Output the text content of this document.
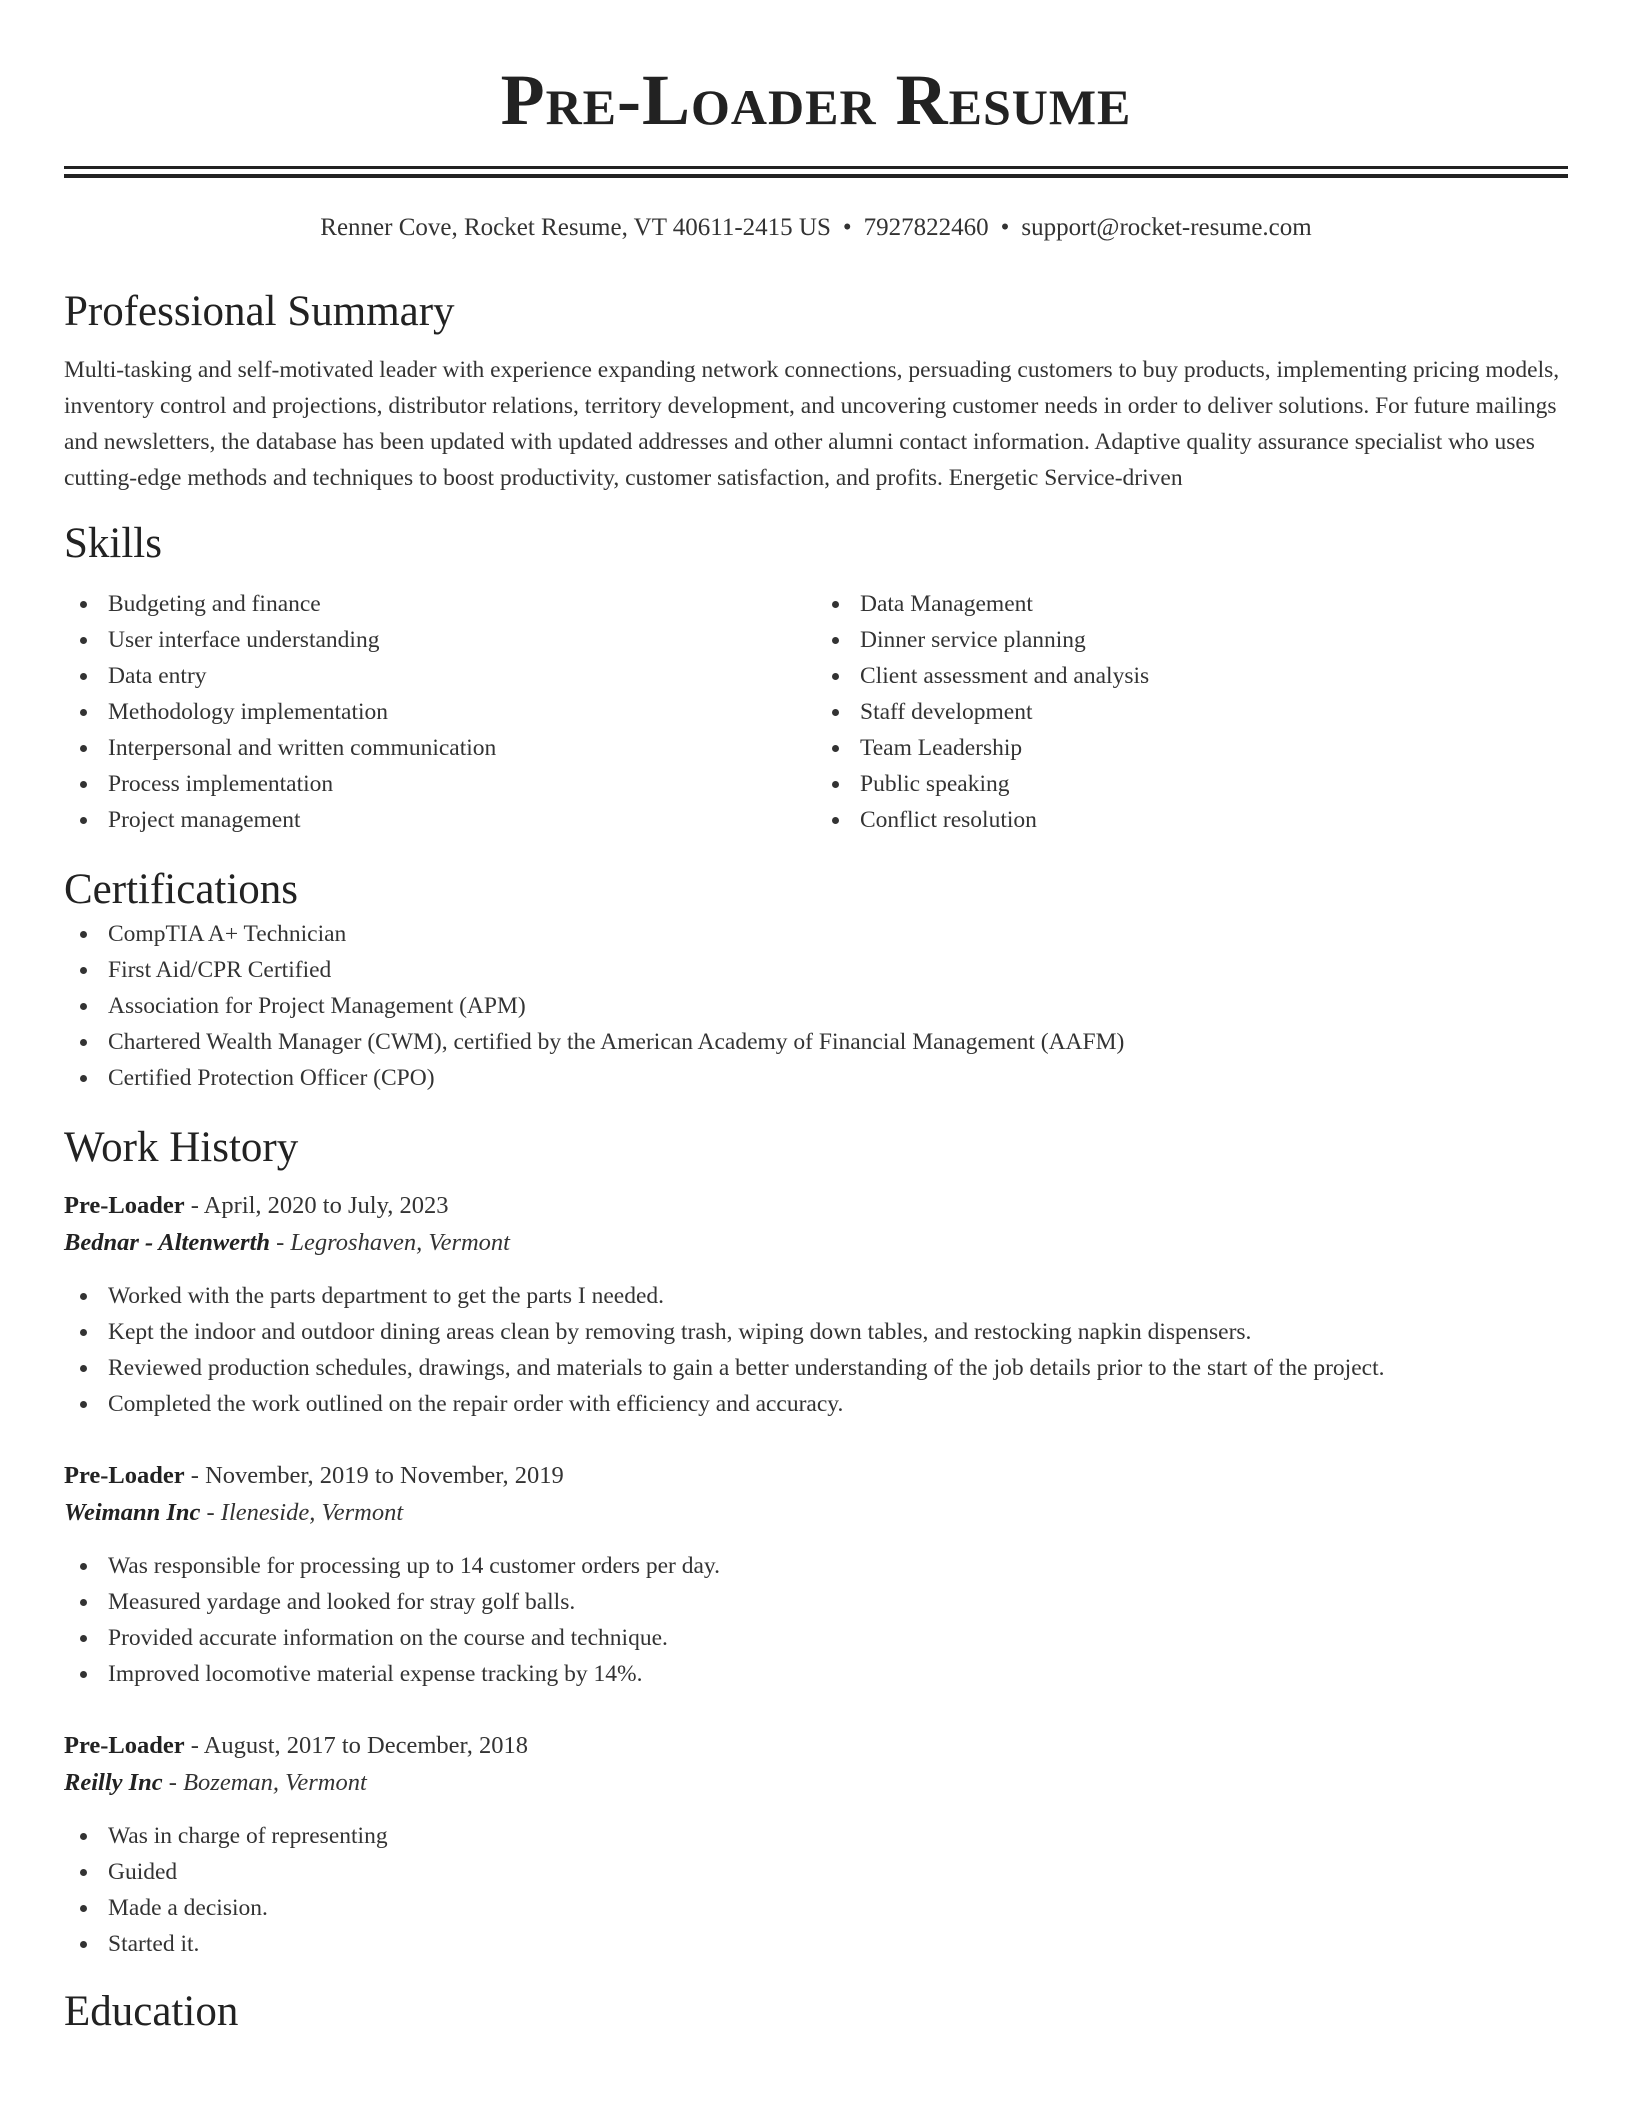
Pre-Loader Resume
Renner Cove, Rocket Resume, VT 40611-2415 US • 7927822460 • support@rocket-resume.com
Professional Summary

Multi-tasking and self-motivated leader with experience expanding network connections, persuading customers to buy products, implementing pricing models, inventory control and projections, distributor relations, territory development, and uncovering customer needs in order to deliver solutions. For future mailings and newsletters, the database has been updated with updated addresses and other alumni contact information. Adaptive quality assurance specialist who uses cutting-edge methods and techniques to boost productivity, customer satisfaction, and profits. Energetic Service-driven

Skills
Budgeting and finance
User interface understanding
Data entry
Methodology implementation
Interpersonal and written communication
Process implementation
Project management
Data Management
Dinner service planning
Client assessment and analysis
Staff development
Team Leadership
Public speaking
Conflict resolution
Certifications
CompTIA A+ Technician
First Aid/CPR Certified
Association for Project Management (APM)
Chartered Wealth Manager (CWM), certified by the American Academy of Financial Management (AAFM)
Certified Protection Officer (CPO)
Work History
Pre-Loader - April, 2020 to July, 2023
Bednar - Altenwerth - Legroshaven, Vermont
Worked with the parts department to get the parts I needed.
Kept the indoor and outdoor dining areas clean by removing trash, wiping down tables, and restocking napkin dispensers.
Reviewed production schedules, drawings, and materials to gain a better understanding of the job details prior to the start of the project.
Completed the work outlined on the repair order with efficiency and accuracy.
Pre-Loader - November, 2019 to November, 2019
Weimann Inc - Ileneside, Vermont
Was responsible for processing up to 14 customer orders per day.
Measured yardage and looked for stray golf balls.
Provided accurate information on the course and technique.
Improved locomotive material expense tracking by 14%.
Pre-Loader - August, 2017 to December, 2018
Reilly Inc - Bozeman, Vermont
Was in charge of representing
Guided
Made a decision.
Started it.
Education
